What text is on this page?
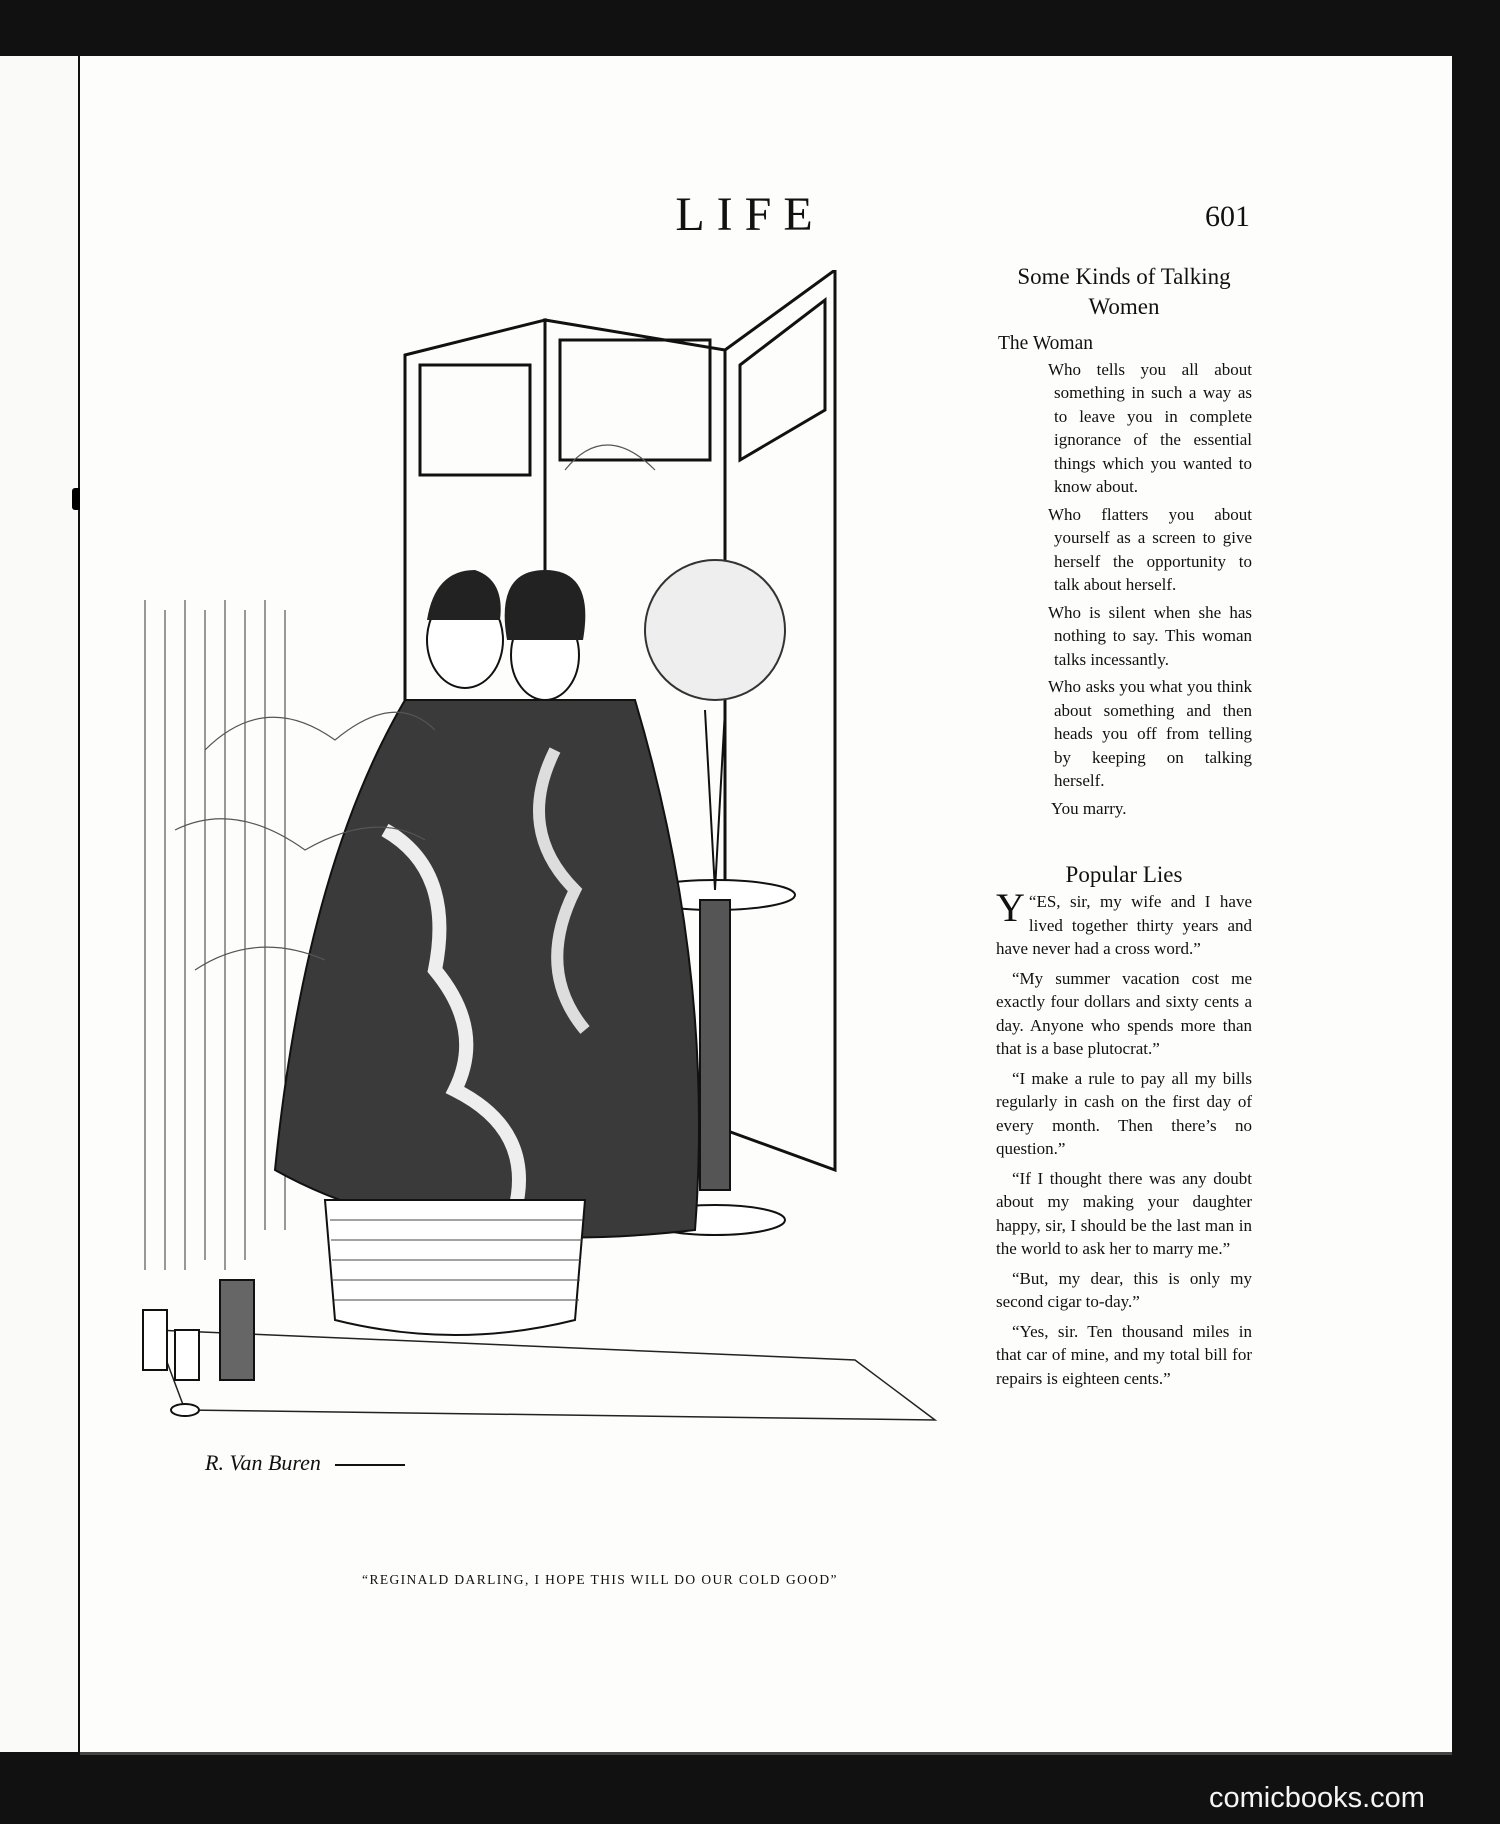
LIFE	601
R. Van Buren
“REGINALD DARLING, I HOPE THIS WILL DO OUR COLD GOOD”
Some Kinds of Talking Women
The Woman

Who tells you all about something in such a way as to leave you in complete ignorance of the essential things which you wanted to know about.

Who flatters you about yourself as a screen to give herself the opportunity to talk about herself.

Who is silent when she has nothing to say. This woman talks incessantly.

Who asks you what you think about something and then heads you off from telling by keeping on talking herself.

You marry.
Popular Lies

“
Y ES, sir, my wife and I have lived together thirty years and have never had a cross word.”

“My summer vacation cost me exactly four dollars and sixty cents a day. Anyone who spends more than that is a base plutocrat.”

“I make a rule to pay all my bills regularly in cash on the first day of every month. Then there’s no question.”

“If I thought there was any doubt about my making your daughter happy, sir, I should be the last man in the world to ask her to marry me.”

“But, my dear, this is only my second cigar to-day.”

“Yes, sir. Ten thousand miles in that car of mine, and my total bill for repairs is eighteen cents.”

comicbooks.com
